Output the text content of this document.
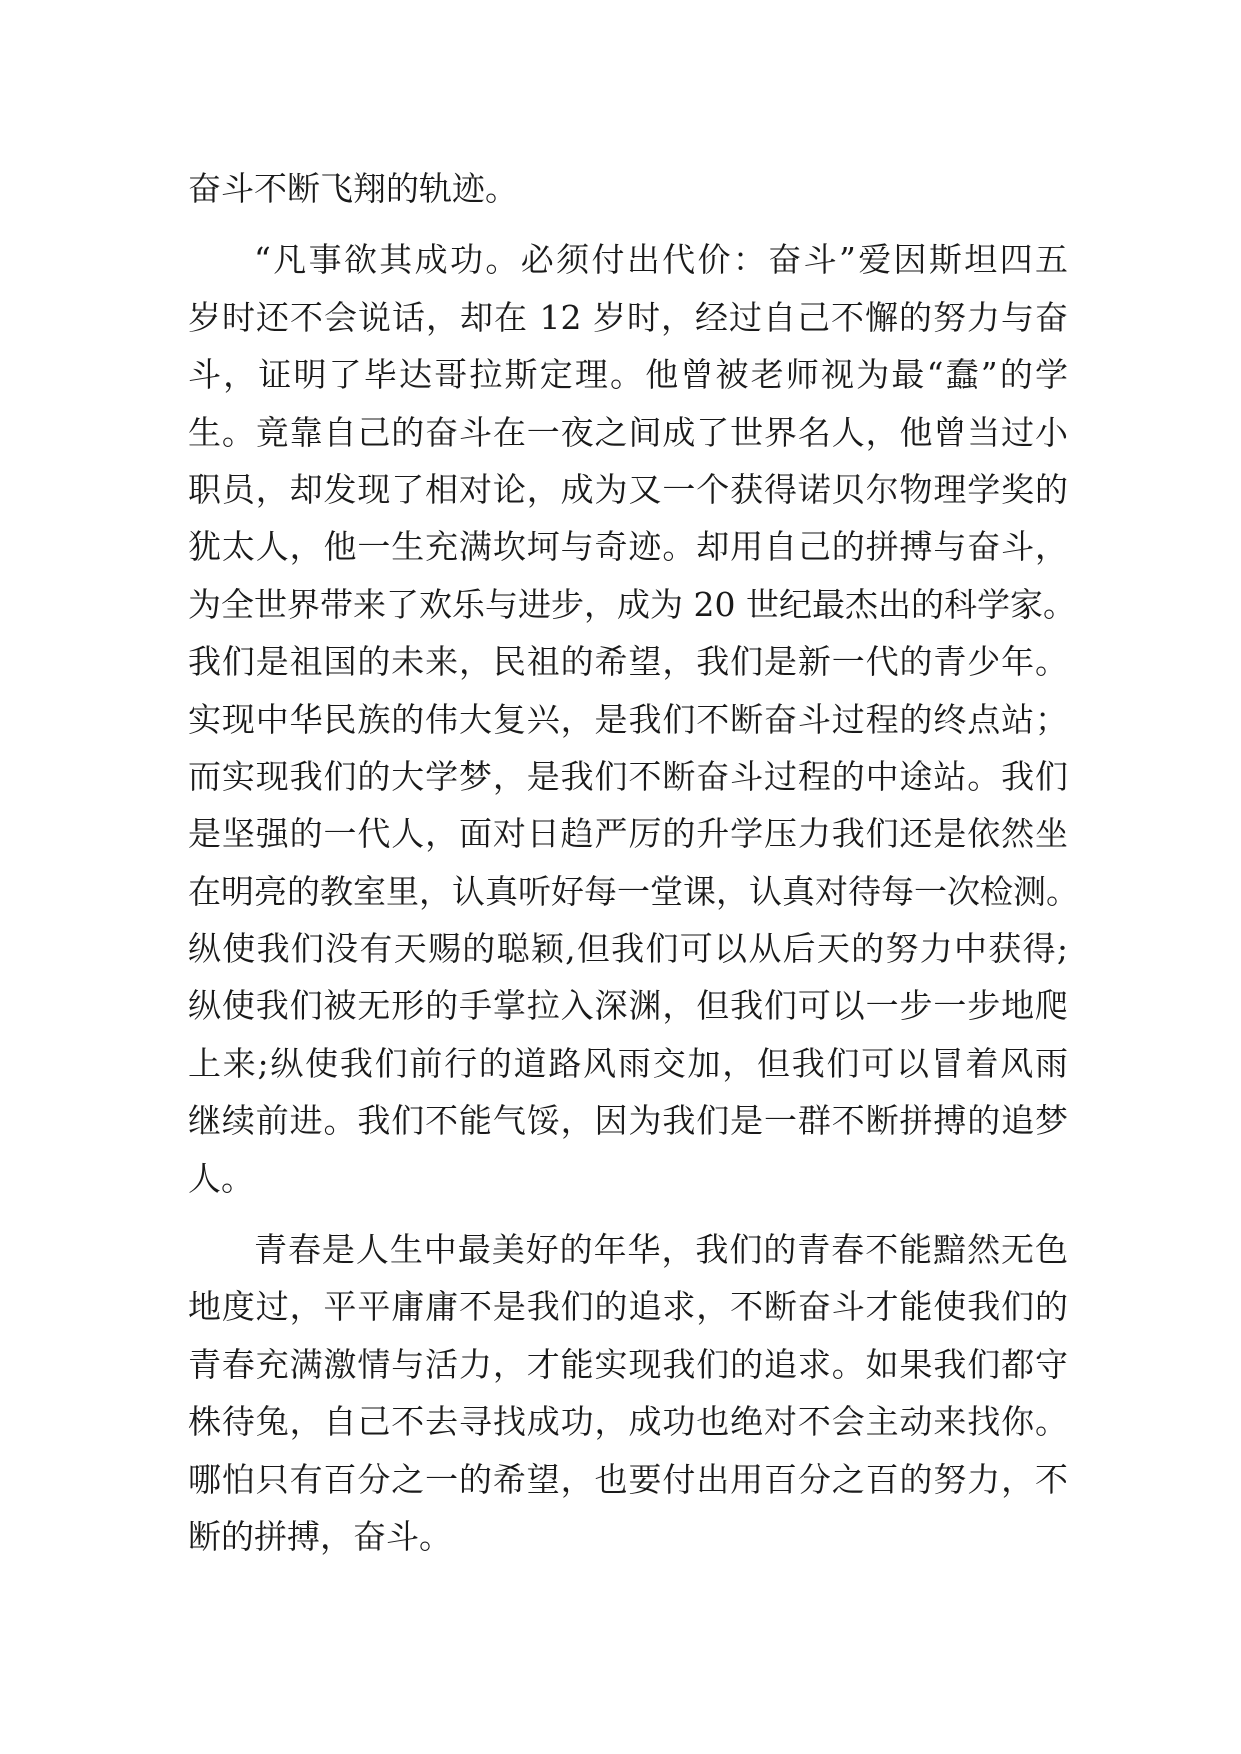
奋斗不断飞翔的轨迹。
“凡事欲其成功。必须付出代价：奋斗”爱因斯坦四五
岁时还不会说话，却在 12 岁时，经过自己不懈的努力与奋
斗，证明了毕达哥拉斯定理。他曾被老师视为最“蠢”的学
生。竟靠自己的奋斗在一夜之间成了世界名人，他曾当过小
职员，却发现了相对论，成为又一个获得诺贝尔物理学奖的
犹太人，他一生充满坎坷与奇迹。却用自己的拼搏与奋斗，
为全世界带来了欢乐与进步，成为 20 世纪最杰出的科学家。
我们是祖国的未来，民祖的希望，我们是新一代的青少年。
实现中华民族的伟大复兴，是我们不断奋斗过程的终点站；
而实现我们的大学梦，是我们不断奋斗过程的中途站。我们
是坚强的一代人，面对日趋严厉的升学压力我们还是依然坐
在明亮的教室里，认真听好每一堂课，认真对待每一次检测。
纵使我们没有天赐的聪颖,但我们可以从后天的努力中获得;
纵使我们被无形的手掌拉入深渊，但我们可以一步一步地爬
上来;纵使我们前行的道路风雨交加，但我们可以冒着风雨
继续前进。我们不能气馁，因为我们是一群不断拼搏的追梦
人。
青春是人生中最美好的年华，我们的青春不能黯然无色
地度过，平平庸庸不是我们的追求，不断奋斗才能使我们的
青春充满激情与活力，才能实现我们的追求。如果我们都守
株待兔，自己不去寻找成功，成功也绝对不会主动来找你。
哪怕只有百分之一的希望，也要付出用百分之百的努力，不
断的拼搏，奋斗。
